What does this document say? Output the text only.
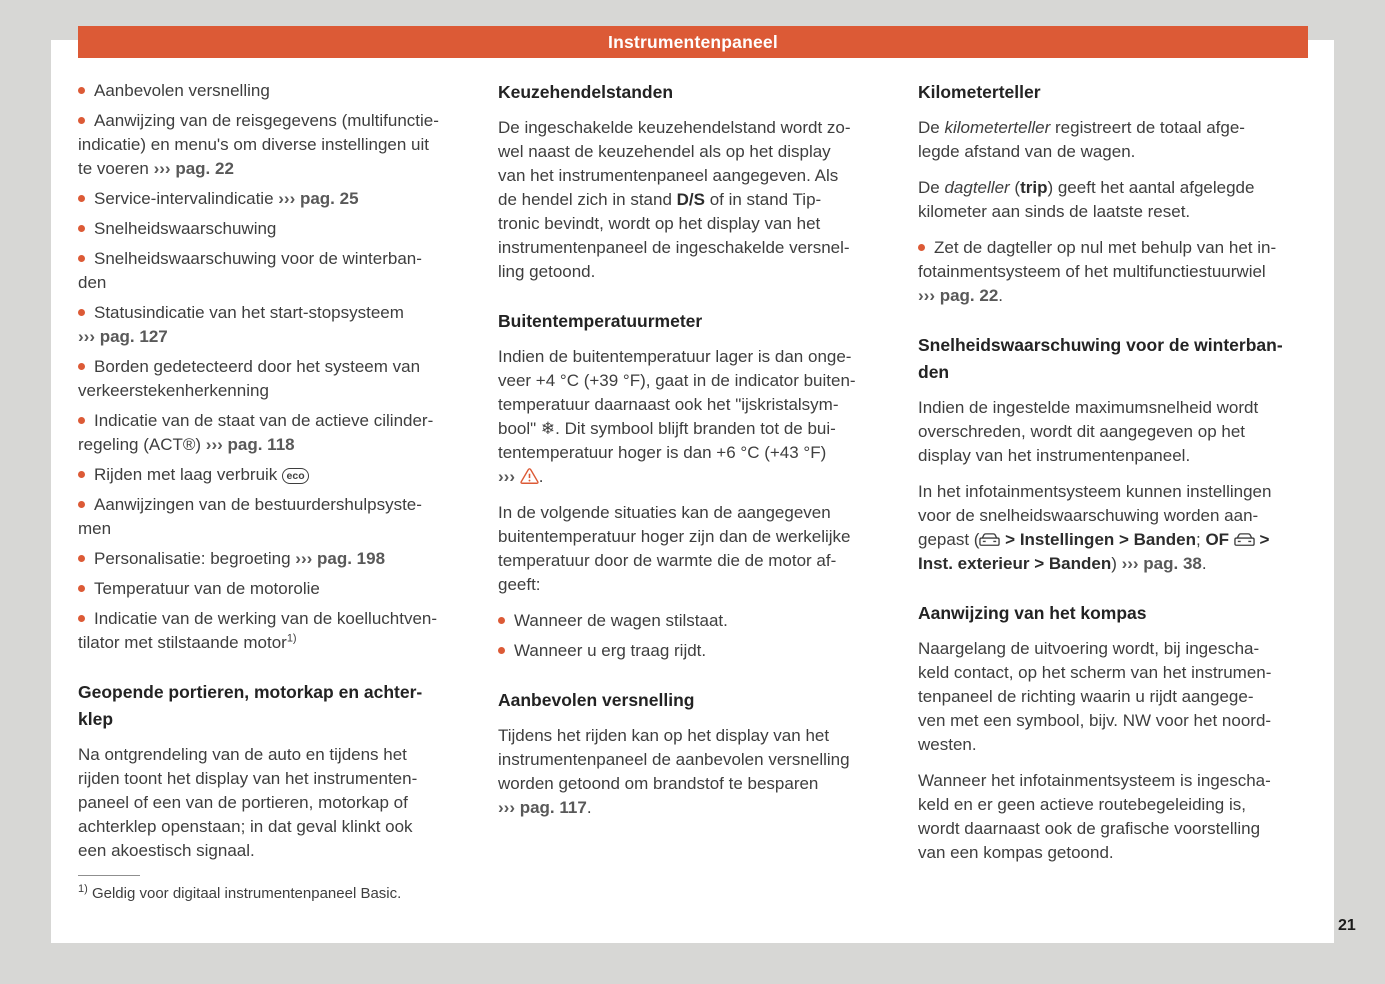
Instrumentenpaneel
Aanbevolen versnelling
Aanwijzing van de reisgegevens (multifunctie-
indicatie) en menu's om diverse instellingen uit
te voeren ››› pag. 22
Service-intervalindicatie ››› pag. 25
Snelheidswaarschuwing
Snelheidswaarschuwing voor de winterban-
den
Statusindicatie van het start-stopsysteem
››› pag. 127
Borden gedetecteerd door het systeem van
verkeerstekenherkenning
Indicatie van de staat van de actieve cilinder-
regeling (ACT®) ››› pag. 118
Rijden met laag verbruik eco
Aanwijzingen van de bestuurdershulpsyste-
men
Personalisatie: begroeting ››› pag. 198
Temperatuur van de motorolie
Indicatie van de werking van de koelluchtven-
tilator met stilstaande motor$^{1)}$
Geopende portieren, motorkap en achter-
klep
Na ontgrendeling van de auto en tijdens het
rijden toont het display van het instrumenten-
paneel of een van de portieren, motorkap of
achterklep openstaan; in dat geval klinkt ook
een akoestisch signaal.
$^{1)}$ Geldig voor digitaal instrumentenpaneel Basic.
Keuzehendelstanden
De ingeschakelde keuzehendelstand wordt zo-
wel naast de keuzehendel als op het display
van het instrumentenpaneel aangegeven. Als
de hendel zich in stand D/S of in stand Tip-
tronic bevindt, wordt op het display van het
instrumentenpaneel de ingeschakelde versnel-
ling getoond.
Buitentemperatuurmeter
Indien de buitentemperatuur lager is dan onge-
veer +4 °C (+39 °F), gaat in de indicator buiten-
temperatuur daarnaast ook het "ijskristalsym-
bool" ❄. Dit symbool blijft branden tot de bui-
tentemperatuur hoger is dan +6 °C (+43 °F)
››› .
In de volgende situaties kan de aangegeven
buitentemperatuur hoger zijn dan de werkelijke
temperatuur door de warmte die de motor af-
geeft:
Wanneer de wagen stilstaat.
Wanneer u erg traag rijdt.
Aanbevolen versnelling
Tijdens het rijden kan op het display van het
instrumentenpaneel de aanbevolen versnelling
worden getoond om brandstof te besparen
››› pag. 117.
Kilometerteller
De kilometerteller registreert de totaal afge-
legde afstand van de wagen.
De dagteller (trip) geeft het aantal afgelegde
kilometer aan sinds de laatste reset.
Zet de dagteller op nul met behulp van het in-
fotainmentsysteem of het multifunctiestuurwiel
››› pag. 22.
Snelheidswaarschuwing voor de winterban-
den
Indien de ingestelde maximumsnelheid wordt
overschreden, wordt dit aangegeven op het
display van het instrumentenpaneel.
In het infotainmentsysteem kunnen instellingen
voor de snelheidswaarschuwing worden aan-
gepast ( > Instellingen > Banden; OF >
Inst. exterieur > Banden) ››› pag. 38.
Aanwijzing van het kompas
Naargelang de uitvoering wordt, bij ingescha-
keld contact, op het scherm van het instrumen-
tenpaneel de richting waarin u rijdt aangege-
ven met een symbool, bijv. NW voor het noord-
westen.
Wanneer het infotainmentsysteem is ingescha-
keld en er geen actieve routebegeleiding is,
wordt daarnaast ook de grafische voorstelling
van een kompas getoond.
21
